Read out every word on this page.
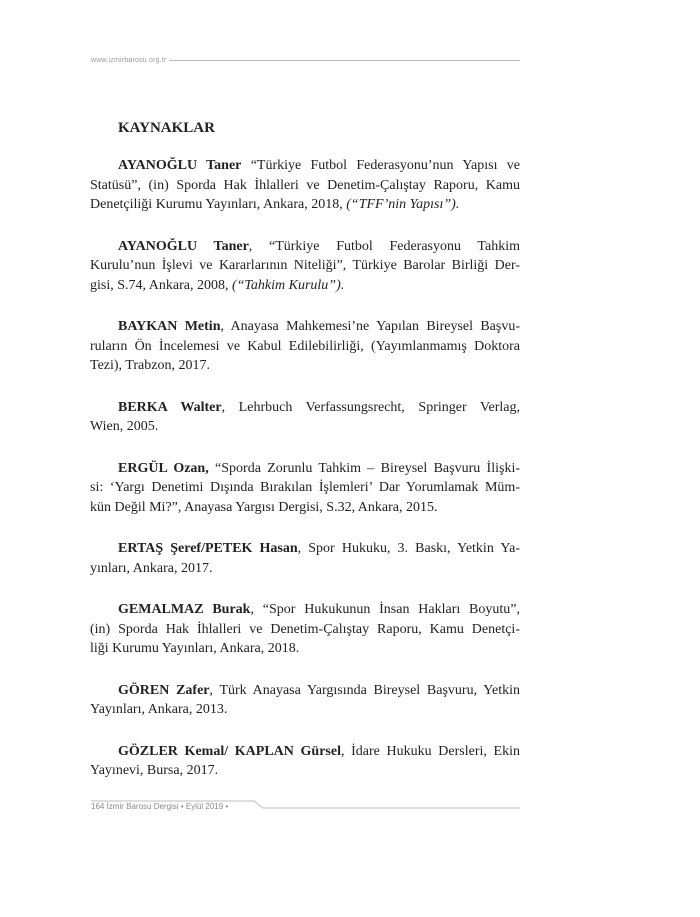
www.izmirbarosu.org.tr
KAYNAKLAR

AYANOĞLU Taner “Türkiye Futbol Federasyonu’nun Yapısı ve

Statüsü”, (in) Sporda Hak İhlalleri ve Denetim-Çalıştay Raporu, Kamu

Denetçiliği Kurumu Yayınları, Ankara, 2018, (“TFF’nin Yapısı”).

AYANOĞLU Taner, “Türkiye Futbol Federasyonu Tahkim

Kurulu’nun İşlevi ve Kararlarının Niteliği”, Türkiye Barolar Birliği Der-

gisi, S.74, Ankara, 2008, (“Tahkim Kurulu”).

BAYKAN Metin, Anayasa Mahkemesi’ne Yapılan Bireysel Başvu-

ruların Ön İncelemesi ve Kabul Edilebilirliği, (Yayımlanmamış Doktora

Tezi), Trabzon, 2017.

BERKA Walter, Lehrbuch Verfassungsrecht, Springer Verlag,

Wien, 2005.

ERGÜL Ozan, “Sporda Zorunlu Tahkim – Bireysel Başvuru İlişki-

si: ‘Yargı Denetimi Dışında Bırakılan İşlemleri’ Dar Yorumlamak Müm-

kün Değil Mi?”, Anayasa Yargısı Dergisi, S.32, Ankara, 2015.

ERTAŞ Şeref/PETEK Hasan, Spor Hukuku, 3. Baskı, Yetkin Ya-

yınları, Ankara, 2017.

GEMALMAZ Burak, “Spor Hukukunun İnsan Hakları Boyutu”,

(in) Sporda Hak İhlalleri ve Denetim-Çalıştay Raporu, Kamu Denetçi-

liği Kurumu Yayınları, Ankara, 2018.

GÖREN Zafer, Türk Anayasa Yargısında Bireysel Başvuru, Yetkin

Yayınları, Ankara, 2013.

GÖZLER Kemal/ KAPLAN Gürsel, İdare Hukuku Dersleri, Ekin

Yayınevi, Bursa, 2017.

164 İzmir Barosu Dergisi • Eylül 2019 •
